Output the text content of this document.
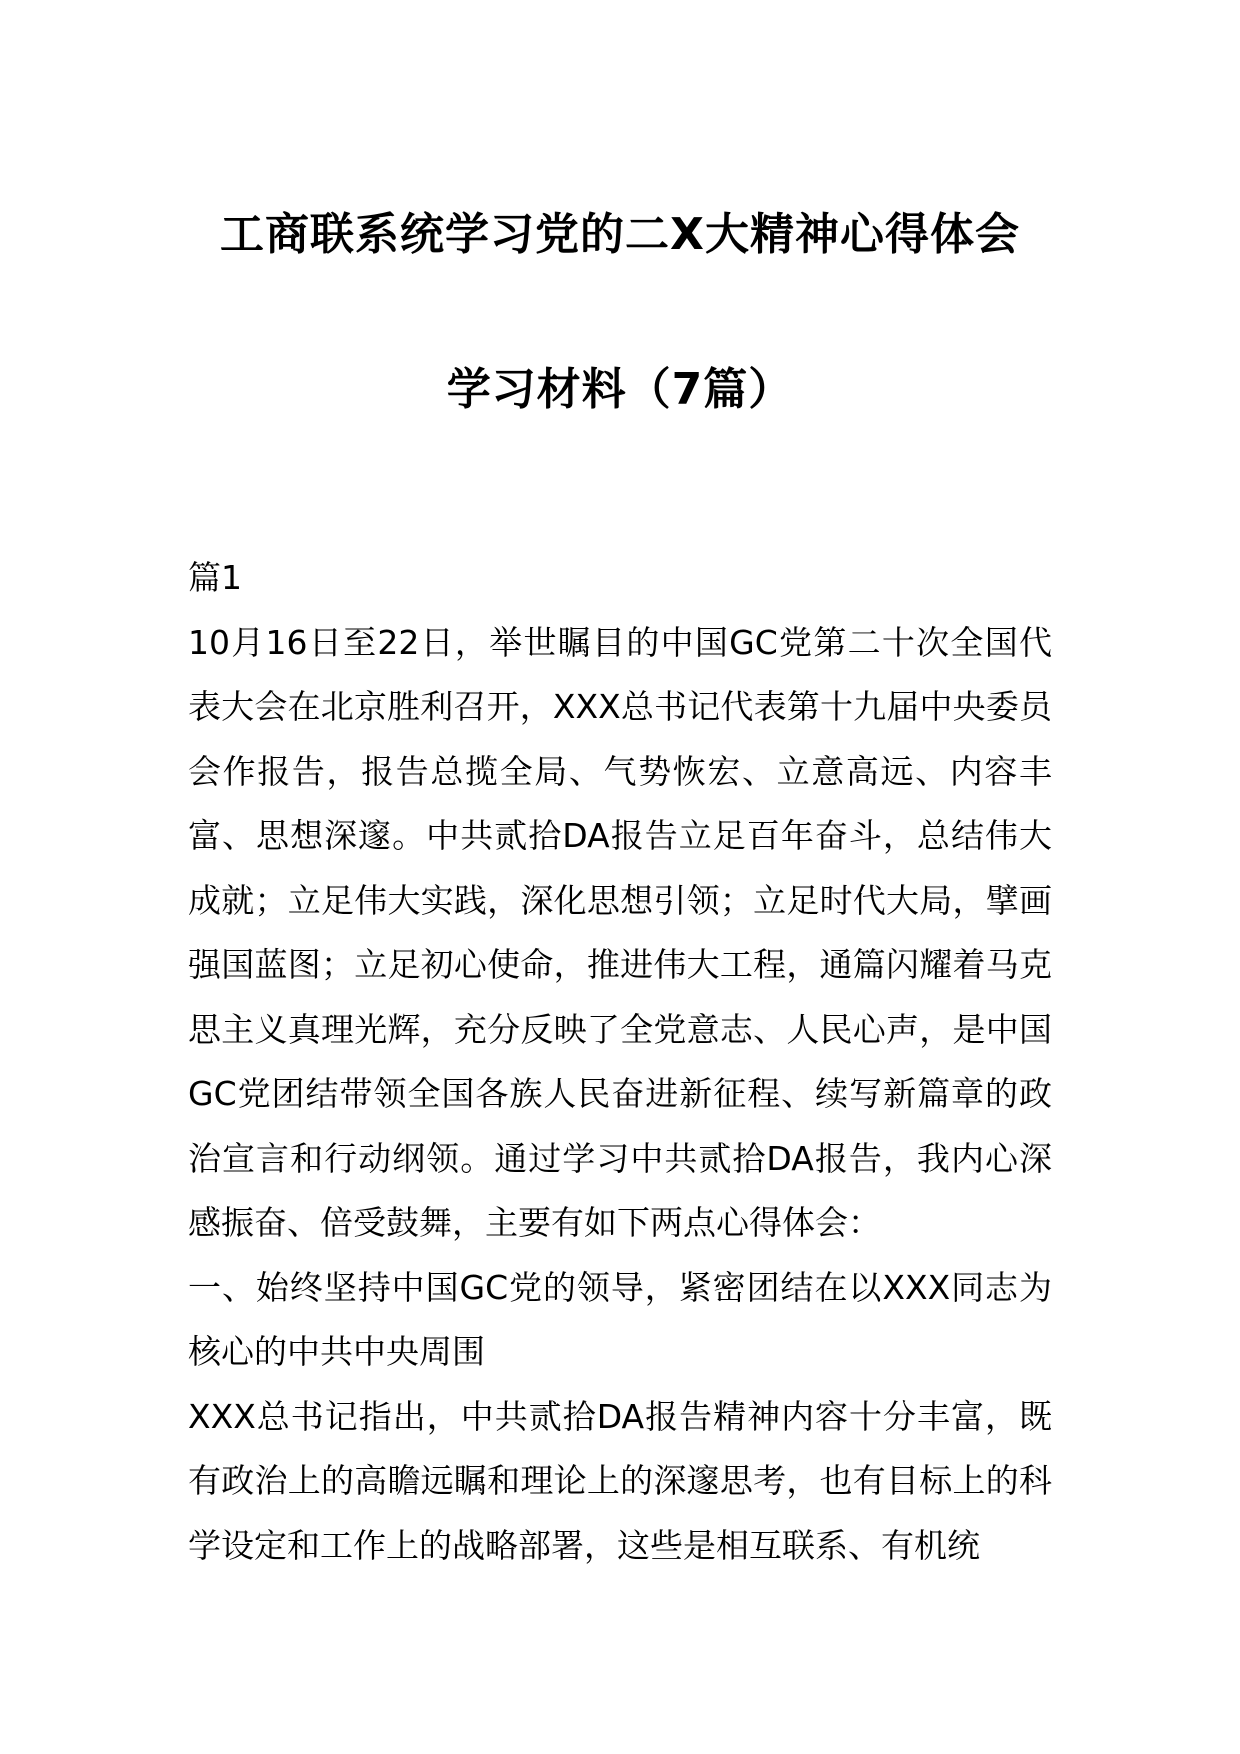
工商联系统学习党的二X大精神心得体会
学习材料（7篇）

篇1

10月16日至22日，举世瞩目的中国GC党第二十次全国代表大会在北京胜利召开，XXX总书记代表第十九届中央委员会作报告，报告总揽全局、气势恢宏、立意高远、内容丰富、思想深邃。中共贰拾DA报告立足百年奋斗，总结伟大成就；立足伟大实践，深化思想引领；立足时代大局，擘画强国蓝图；立足初心使命，推进伟大工程，通篇闪耀着马克思主义真理光辉，充分反映了全党意志、人民心声，是中国GC党团结带领全国各族人民奋进新征程、续写新篇章的政治宣言和行动纲领。通过学习中共贰拾DA报告，我内心深感振奋、倍受鼓舞，主要有如下两点心得体会：

一、始终坚持中国GC党的领导，紧密团结在以XXX同志为核心的中共中央周围

XXX总书记指出，中共贰拾DA报告精神内容十分丰富，既有政治上的高瞻远瞩和理论上的深邃思考，也有目标上的科学设定和工作上的战略部署，这些是相互联系、有机统
